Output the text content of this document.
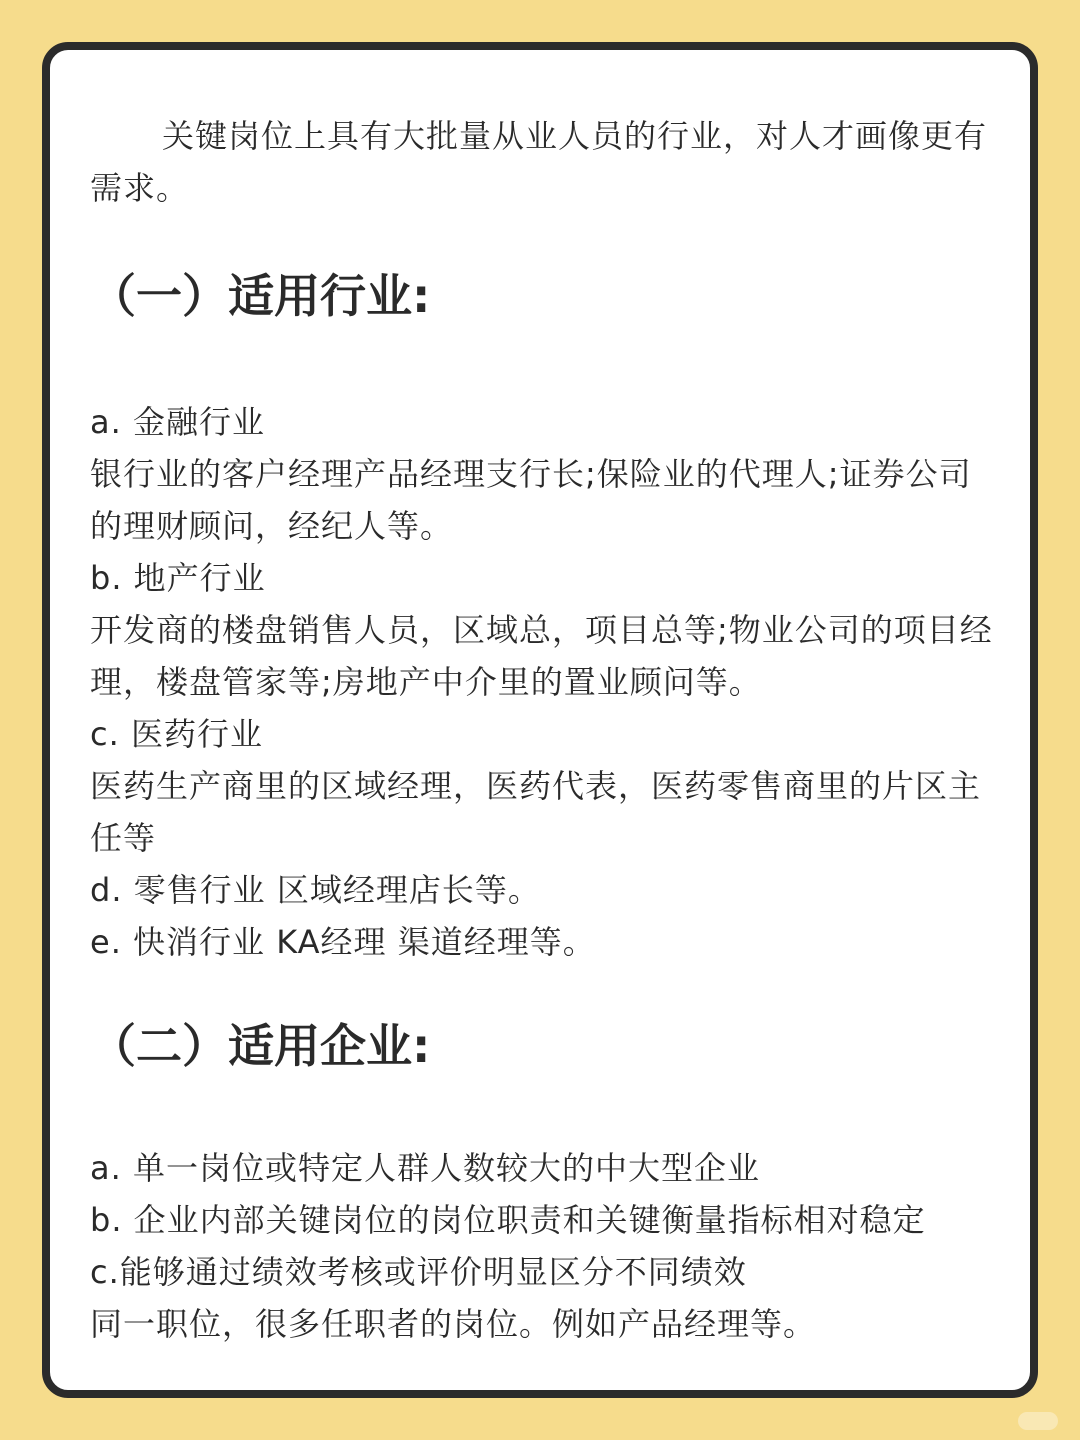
关键岗位上具有大批量从业人员的行业，对人才画像更有需求。

（一）适用行业:

a. 金融行业

银行业的客户经理产品经理支行长;保险业的代理人;证券公司的理财顾问，经纪人等。

b. 地产行业

开发商的楼盘销售人员，区域总，项目总等;物业公司的项目经理，楼盘管家等;房地产中介里的置业顾问等。

c. 医药行业

医药生产商里的区域经理，医药代表，医药零售商里的片区主任等

d. 零售行业 区域经理店长等。

e. 快消行业 KA经理 渠道经理等。

（二）适用企业:

a. 单一岗位或特定人群人数较大的中大型企业

b. 企业内部关键岗位的岗位职责和关键衡量指标相对稳定

c.能够通过绩效考核或评价明显区分不同绩效

同一职位，很多任职者的岗位。例如产品经理等。
